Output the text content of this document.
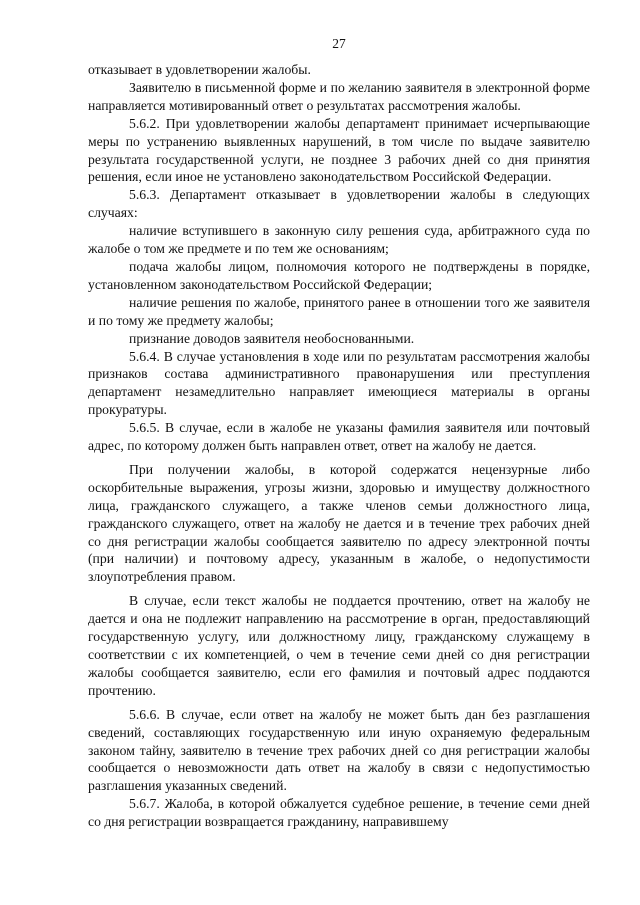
27

отказывает в удовлетворении жалобы.

Заявителю в письменной форме и по желанию заявителя в электронной форме направляется мотивированный ответ о результатах рассмотрения жалобы.

5.6.2. При удовлетворении жалобы департамент принимает исчерпывающие меры по устранению выявленных нарушений, в том числе по выдаче заявителю результата государственной услуги, не позднее 3 рабочих дней со дня принятия решения, если иное не установлено законодательством Российской Федерации.

5.6.3. Департамент отказывает в удовлетворении жалобы в следующих случаях:

наличие вступившего в законную силу решения суда, арбитражного суда по жалобе о том же предмете и по тем же основаниям;

подача жалобы лицом, полномочия которого не подтверждены в порядке, установленном законодательством Российской Федерации;

наличие решения по жалобе, принятого ранее в отношении того же заявителя и по тому же предмету жалобы;

признание доводов заявителя необоснованными.

5.6.4. В случае установления в ходе или по результатам рассмотрения жалобы признаков состава административного правонарушения или преступления департамент незамедлительно направляет имеющиеся материалы в органы прокуратуры.

5.6.5. В случае, если в жалобе не указаны фамилия заявителя или почтовый адрес, по которому должен быть направлен ответ, ответ на жалобу не дается.

При получении жалобы, в которой содержатся нецензурные либо оскорбительные выражения, угрозы жизни, здоровью и имуществу должностного лица, гражданского служащего, а также членов семьи должностного лица, гражданского служащего, ответ на жалобу не дается и в течение трех рабочих дней со дня регистрации жалобы сообщается заявителю по адресу электронной почты (при наличии) и почтовому адресу, указанным в жалобе, о недопустимости злоупотребления правом.

В случае, если текст жалобы не поддается прочтению, ответ на жалобу не дается и она не подлежит направлению на рассмотрение в орган, предоставляющий государственную услугу, или должностному лицу, гражданскому служащему в соответствии с их компетенцией, о чем в течение семи дней со дня регистрации жалобы сообщается заявителю, если его фамилия и почтовый адрес поддаются прочтению.

5.6.6. В случае, если ответ на жалобу не может быть дан без разглашения сведений, составляющих государственную или иную охраняемую федеральным законом тайну, заявителю в течение трех рабочих дней со дня регистрации жалобы сообщается о невозможности дать ответ на жалобу в связи с недопустимостью разглашения указанных сведений.

5.6.7. Жалоба, в которой обжалуется судебное решение, в течение семи дней со дня регистрации возвращается гражданину, направившему
